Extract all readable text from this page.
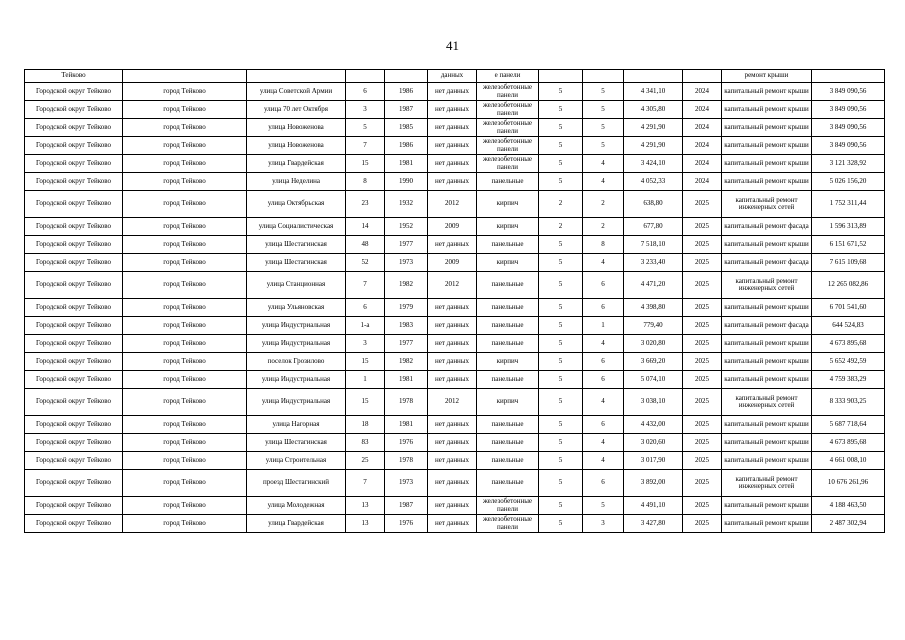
41
Тейково					данных	е панели					ремонт крыши	
Городской округ Тейково	город Тейково	улица Советской Армии	6	1986	нет данных	железобетонные панели	5	5	4 341,10	2024	капитальный ремонт крыши	3 849 090,56
Городской округ Тейково	город Тейково	улица 70 лет Октября	3	1987	нет данных	железобетонные панели	5	5	4 305,80	2024	капитальный ремонт крыши	3 849 090,56
Городской округ Тейково	город Тейково	улица Новоженова	5	1985	нет данных	железобетонные панели	5	5	4 291,90	2024	капитальный ремонт крыши	3 849 090,56
Городской округ Тейково	город Тейково	улица Новоженова	7	1986	нет данных	железобетонные панели	5	5	4 291,90	2024	капитальный ремонт крыши	3 849 090,56
Городской округ Тейково	город Тейково	улица Гвардейская	15	1981	нет данных	железобетонные панели	5	4	3 424,10	2024	капитальный ремонт крыши	3 121 328,92
Городской округ Тейково	город Тейково	улица Неделина	8	1990	нет данных	панельные	5	4	4 052,33	2024	капитальный ремонт крыши	5 026 156,20
Городской округ Тейково	город Тейково	улица Октябрьская	23	1932	2012	кирпич	2	2	638,80	2025	капитальный ремонт инженерных сетей	1 752 311,44
Городской округ Тейково	город Тейково	улица Социалистическая	14	1952	2009	кирпич	2	2	677,80	2025	капитальный ремонт фасада	1 596 313,89
Городской округ Тейково	город Тейково	улица Шестагинская	48	1977	нет данных	панельные	5	8	7 518,10	2025	капитальный ремонт крыши	6 151 671,52
Городской округ Тейково	город Тейково	улица Шестагинская	52	1973	2009	кирпич	5	4	3 233,40	2025	капитальный ремонт фасада	7 615 109,68
Городской округ Тейково	город Тейково	улица Станционная	7	1982	2012	панельные	5	6	4 471,20	2025	капитальный ремонт инженерных сетей	12 265 082,86
Городской округ Тейково	город Тейково	улица Ульяновская	6	1979	нет данных	панельные	5	6	4 398,80	2025	капитальный ремонт крыши	6 701 541,60
Городской округ Тейково	город Тейково	улица Индустриальная	1-а	1983	нет данных	панельные	5	1	779,40	2025	капитальный ремонт фасада	644 524,83
Городской округ Тейково	город Тейково	улица Индустриальная	3	1977	нет данных	панельные	5	4	3 020,80	2025	капитальный ремонт крыши	4 673 895,68
Городской округ Тейково	город Тейково	поселок Грозилово	15	1982	нет данных	кирпич	5	6	3 669,20	2025	капитальный ремонт крыши	5 652 492,59
Городской округ Тейково	город Тейково	улица Индустриальная	1	1981	нет данных	панельные	5	6	5 074,10	2025	капитальный ремонт крыши	4 759 383,29
Городской округ Тейково	город Тейково	улица Индустриальная	15	1978	2012	кирпич	5	4	3 038,10	2025	капитальный ремонт инженерных сетей	8 333 903,25
Городской округ Тейково	город Тейково	улица Нагорная	18	1981	нет данных	панельные	5	6	4 432,00	2025	капитальный ремонт крыши	5 687 718,64
Городской округ Тейково	город Тейково	улица Шестагинская	83	1976	нет данных	панельные	5	4	3 020,60	2025	капитальный ремонт крыши	4 673 895,68
Городской округ Тейково	город Тейково	улица Строительная	25	1978	нет данных	панельные	5	4	3 017,90	2025	капитальный ремонт крыши	4 661 008,10
Городской округ Тейково	город Тейково	проезд Шестагинский	7	1973	нет данных	панельные	5	6	3 892,00	2025	капитальный ремонт инженерных сетей	10 676 261,96
Городской округ Тейково	город Тейково	улица Молодежная	13	1987	нет данных	железобетонные панели	5	5	4 491,10	2025	капитальный ремонт крыши	4 188 463,50
Городской округ Тейково	город Тейково	улица Гвардейская	13	1976	нет данных	железобетонные панели	5	3	3 427,80	2025	капитальный ремонт крыши	2 487 302,94
